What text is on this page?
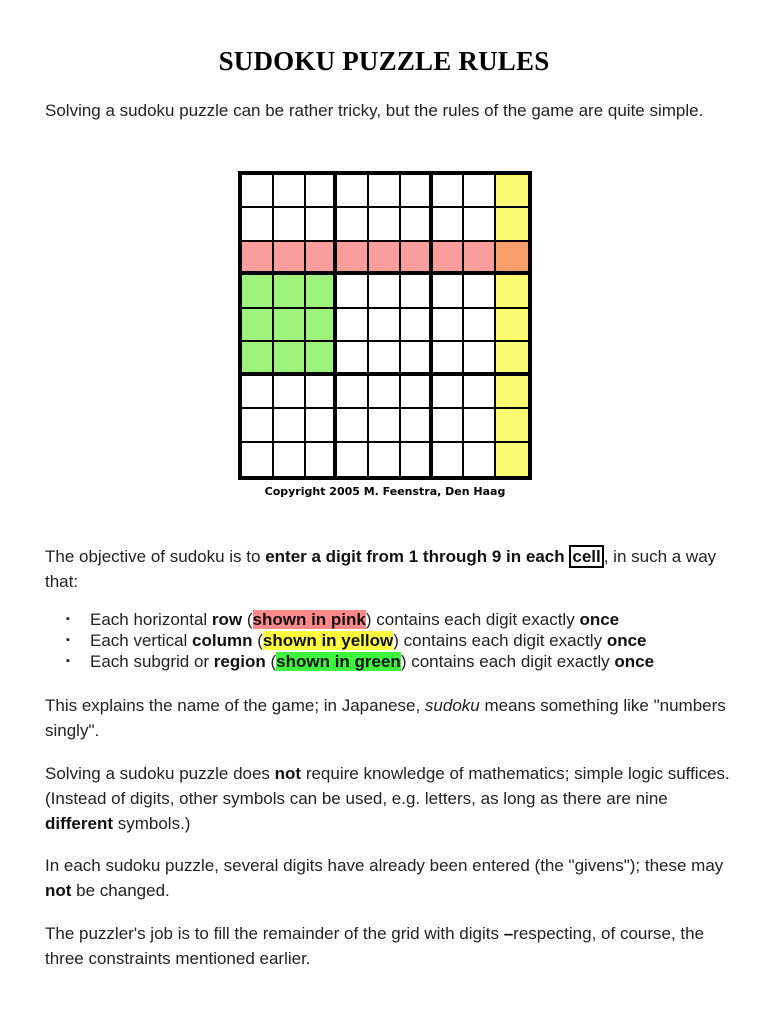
SUDOKU PUZZLE RULES

Solving a sudoku puzzle can be rather tricky, but the rules of the game are quite simple.

Copyright 2005 M. Feenstra, Den Haag

The objective of sudoku is to enter a digit from 1 through 9 in each cell , in such a way that:

▪ Each horizontal row (shown in pink) contains each digit exactly once
▪ Each vertical column (shown in yellow) contains each digit exactly once
▪ Each subgrid or region (shown in green) contains each digit exactly once

This explains the name of the game; in Japanese, sudoku means something like "numbers singly".

Solving a sudoku puzzle does not require knowledge of mathematics; simple logic suffices. (Instead of digits, other symbols can be used, e.g. letters, as long as there are nine different symbols.)

In each sudoku puzzle, several digits have already been entered (the "givens"); these may not be changed.

The puzzler's job is to fill the remainder of the grid with digits –respecting, of course, the three constraints mentioned earlier.
